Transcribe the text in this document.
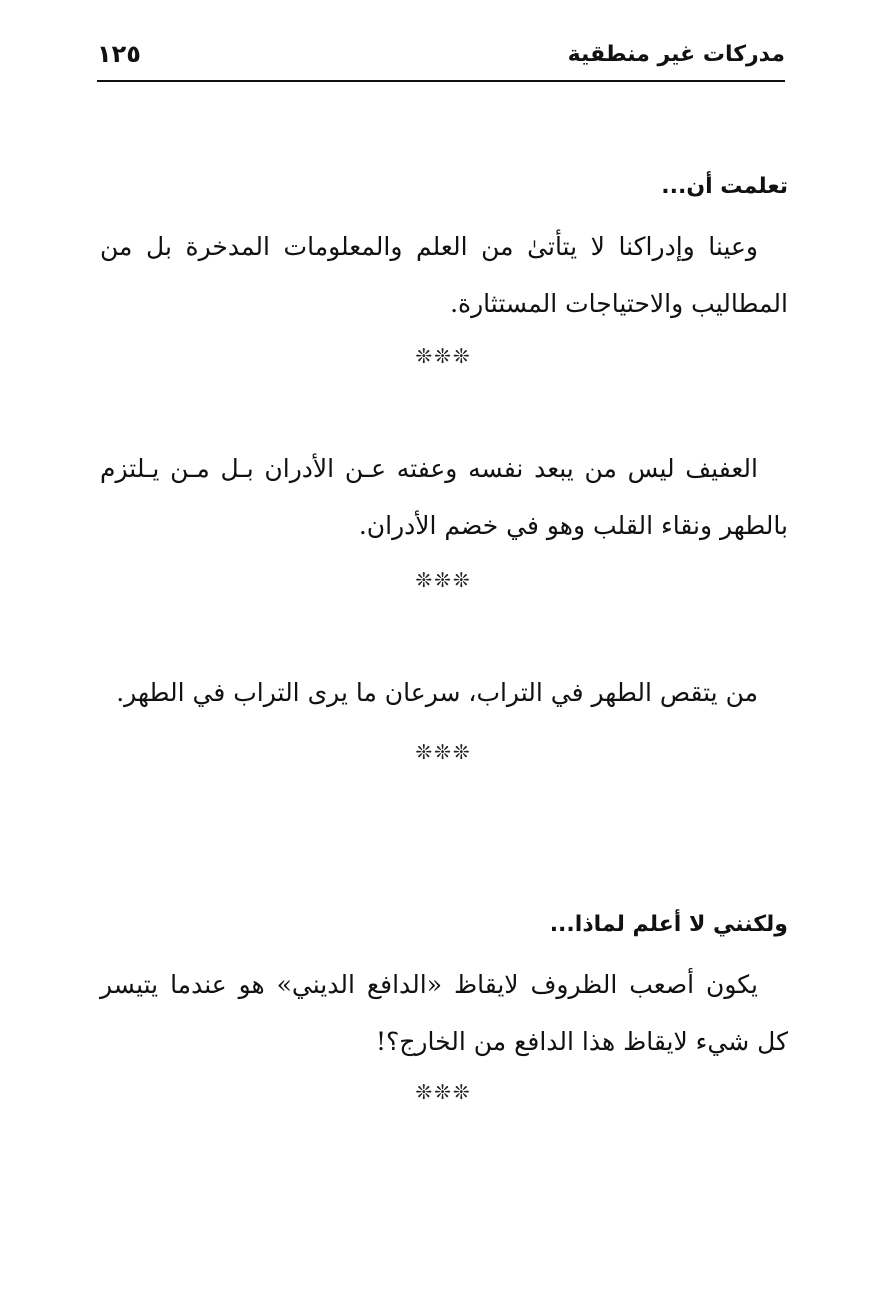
مدركات غير منطقية
١٢٥

تعلمت أن...

وعينا وإدراكنا لا يتأتىٰ من العلم والمعلومات المدخرة بل من المطاليب والاحتياجات المستثارة.

❊❊❊

العفيف ليس من يبعد نفسه وعفته عـن الأدران بـل مـن يـلتزم بالطهر ونقاء القلب وهو في خضم الأدران.

❊❊❊

من يتقص الطهر في التراب، سرعان ما يرى التراب في الطهر.

❊❊❊

ولكنني لا أعلم لماذا...

يكون أصعب الظروف لايقاظ «الدافع الديني» هو عندما يتيسر كل شيء لايقاظ هذا الدافع من الخارج؟!

❊❊❊
